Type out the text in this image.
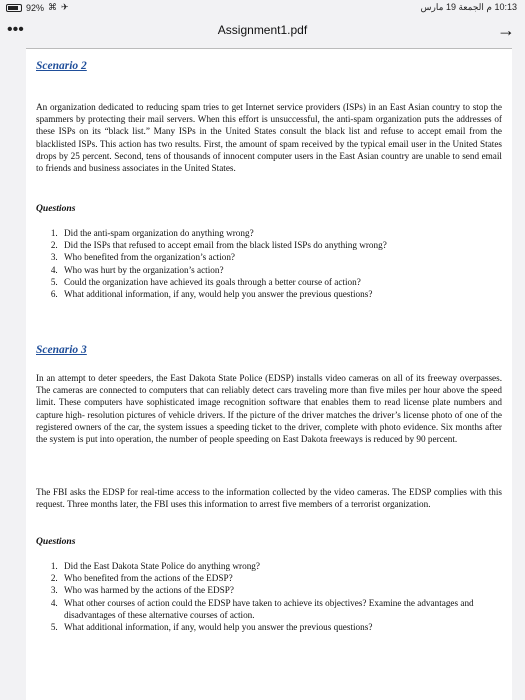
92% ⌘ ✈	10:13 م الجمعة 19 مارس
•••	Assignment1.pdf	→
Scenario 2
An organization dedicated to reducing spam tries to get Internet service providers (ISPs) in an East Asian country to stop the spammers by protecting their mail servers. When this effort is unsuccessful, the anti-spam organization puts the addresses of these ISPs on its “black list.” Many ISPs in the United States consult the black list and refuse to accept email from the blacklisted ISPs. This action has two results. First, the amount of spam received by the typical email user in the United States drops by 25 percent. Second, tens of thousands of innocent computer users in the East Asian country are unable to send email to friends and business associates in the United States.
Questions
1. Did the anti-spam organization do anything wrong?
2. Did the ISPs that refused to accept email from the black listed ISPs do anything wrong?
3. Who benefited from the organization’s action?
4. Who was hurt by the organization’s action?
5. Could the organization have achieved its goals through a better course of action?
6. What additional information, if any, would help you answer the previous questions?
Scenario 3
In an attempt to deter speeders, the East Dakota State Police (EDSP) installs video cameras on all of its freeway overpasses. The cameras are connected to computers that can reliably detect cars traveling more than five miles per hour above the speed limit. These computers have sophisticated image recognition software that enables them to read license plate numbers and capture high- resolution pictures of vehicle drivers. If the picture of the driver matches the driver’s license photo of one of the registered owners of the car, the system issues a speeding ticket to the driver, complete with photo evidence. Six months after the system is put into operation, the number of people speeding on East Dakota freeways is reduced by 90 percent.
The FBI asks the EDSP for real-time access to the information collected by the video cameras. The EDSP complies with this request. Three months later, the FBI uses this information to arrest five members of a terrorist organization.
Questions
1. Did the East Dakota State Police do anything wrong?
2. Who benefited from the actions of the EDSP?
3. Who was harmed by the actions of the EDSP?
4. What other courses of action could the EDSP have taken to achieve its objectives? Examine the advantages and disadvantages of these alternative courses of action.
5. What additional information, if any, would help you answer the previous questions?
